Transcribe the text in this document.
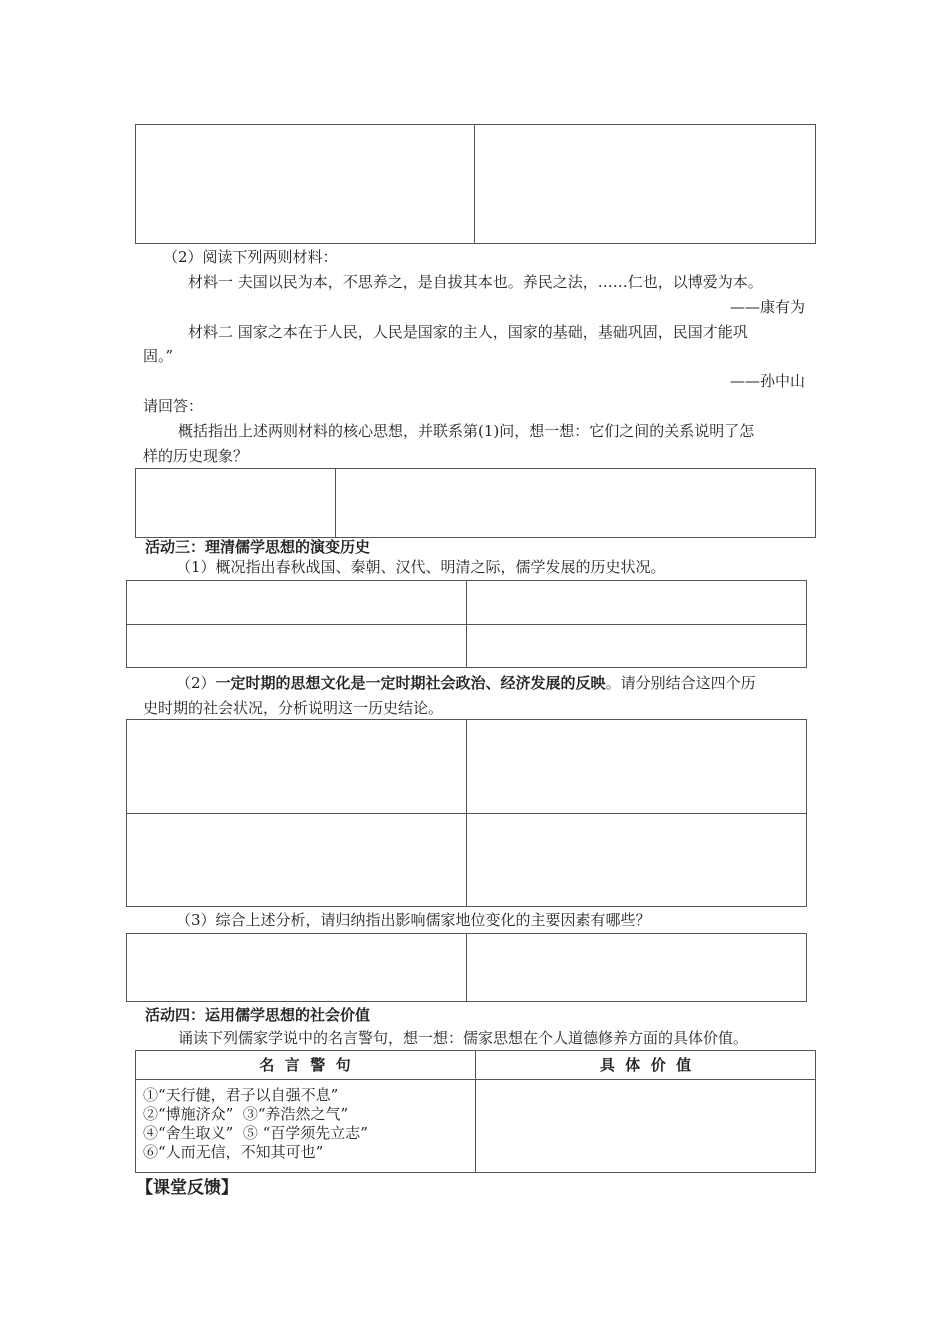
（2）阅读下列两则材料：
材料一 夫国以民为本，不思养之，是自拔其本也。养民之法，……仁也，以博爱为本。
——康有为
材料二 国家之本在于人民，人民是国家的主人，国家的基础，基础巩固，民国才能巩
固。”
——孙中山
请回答：
概括指出上述两则材料的核心思想，并联系第(1)问，想一想：它们之间的关系说明了怎
样的历史现象？
活动三：理清儒学思想的演变历史
（1）概况指出春秋战国、秦朝、汉代、明清之际，儒学发展的历史状况。
（2）一定时期的思想文化是一定时期社会政治、经济发展的反映。请分别结合这四个历
史时期的社会状况，分析说明这一历史结论。
（3）综合上述分析，请归纳指出影响儒家地位变化的主要因素有哪些？
活动四：运用儒学思想的社会价值
诵读下列儒家学说中的名言警句，想一想：儒家思想在个人道德修养方面的具体价值。
名  言  警  句	具  体  价  值
①“天行健，君子以自强不息”
②“博施济众”  ③“养浩然之气”
④“舍生取义”  ⑤ “百学须先立志”
⑥“人而无信，不知其可也”
【课堂反馈】
